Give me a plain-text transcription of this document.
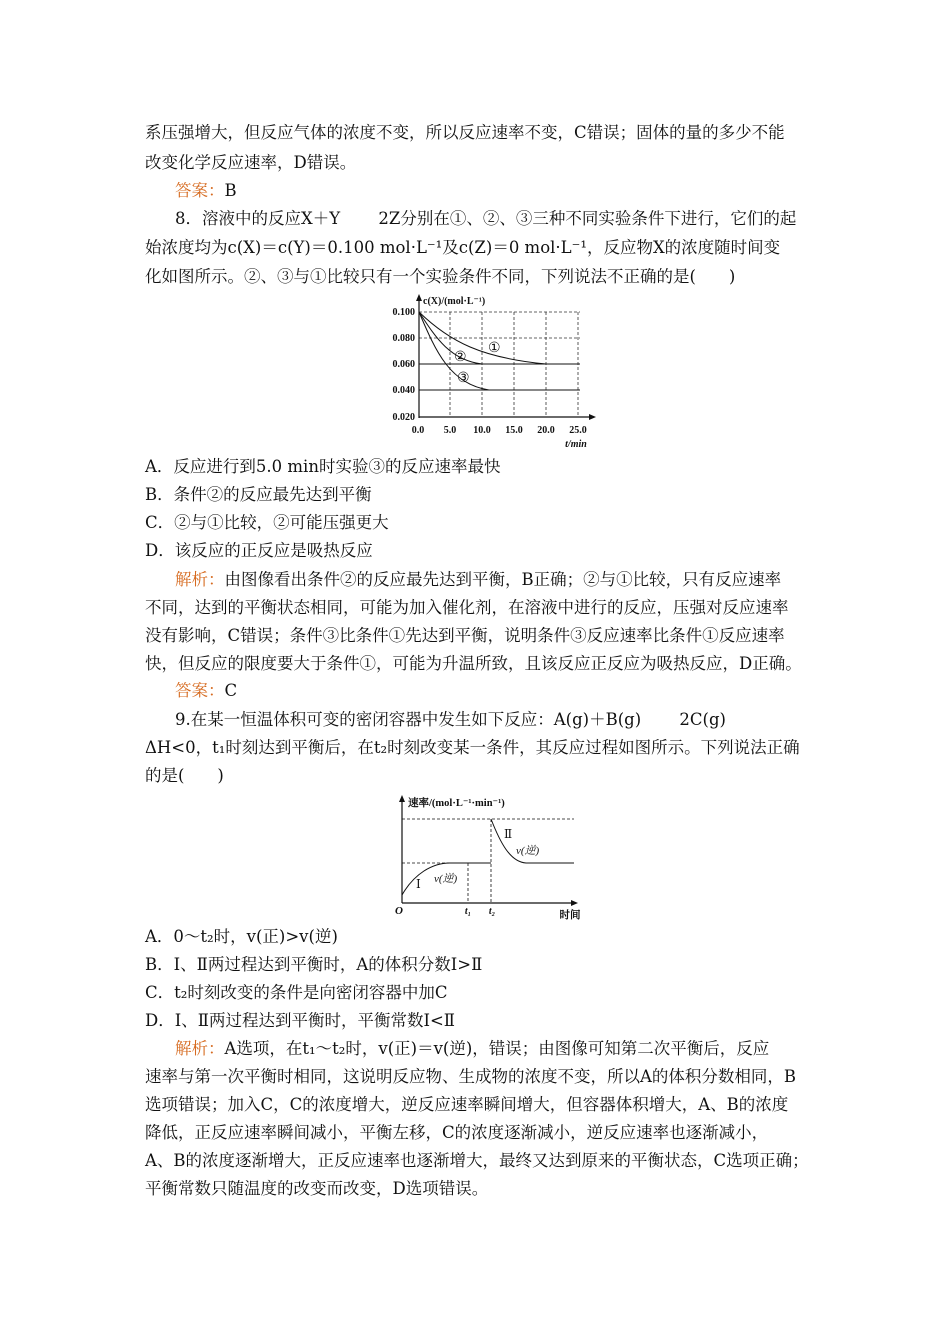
系压强增大，但反应气体的浓度不变，所以反应速率不变，C错误；固体的量的多少不能
改变化学反应速率，D错误。
答案：B
8．溶液中的反应X＋Y　　 2Z分别在①、②、③三种不同实验条件下进行，它们的起
始浓度均为c(X)＝c(Y)＝0.100 mol·L⁻¹及c(Z)＝0 mol·L⁻¹，反应物X的浓度随时间变
化如图所示。②、③与①比较只有一个实验条件不同，下列说法不正确的是(　　)
①
②
③
c(X)/(mol·L⁻¹)
0.100
0.080
0.060
0.040
0.020
0.0 5.0 10.0 15.0 20.0 25.0
t/min
A．反应进行到5.0 min时实验③的反应速率最快
B．条件②的反应最先达到平衡
C．②与①比较，②可能压强更大
D．该反应的正反应是吸热反应
解析：由图像看出条件②的反应最先达到平衡，B正确；②与①比较，只有反应速率
不同，达到的平衡状态相同，可能为加入催化剂，在溶液中进行的反应，压强对反应速率
没有影响，C错误；条件③比条件①先达到平衡，说明条件③反应速率比条件①反应速率
快，但反应的限度要大于条件①，可能为升温所致，且该反应正反应为吸热反应，D正确。
答案：C
9.在某一恒温体积可变的密闭容器中发生如下反应：A(g)＋B(g)　　 2C(g)
ΔH<0，t₁时刻达到平衡后，在t₂时刻改变某一条件，其反应过程如图所示。下列说法正确
的是(　　)
速率/(mol·L⁻¹·min⁻¹)
O	t₁ t₂	时间
Ⅰ v(逆)
Ⅱ
v(逆)
A．0～t₂时，v(正)>v(逆)
B．Ⅰ、Ⅱ两过程达到平衡时，A的体积分数Ⅰ>Ⅱ
C．t₂时刻改变的条件是向密闭容器中加C
D．Ⅰ、Ⅱ两过程达到平衡时，平衡常数Ⅰ<Ⅱ
解析：A选项，在t₁～t₂时，v(正)＝v(逆)，错误；由图像可知第二次平衡后，反应
速率与第一次平衡时相同，这说明反应物、生成物的浓度不变，所以A的体积分数相同，B
选项错误；加入C，C的浓度增大，逆反应速率瞬间增大，但容器体积增大，A、B的浓度
降低，正反应速率瞬间减小，平衡左移，C的浓度逐渐减小，逆反应速率也逐渐减小，
A、B的浓度逐渐增大，正反应速率也逐渐增大，最终又达到原来的平衡状态，C选项正确；
平衡常数只随温度的改变而改变，D选项错误。
